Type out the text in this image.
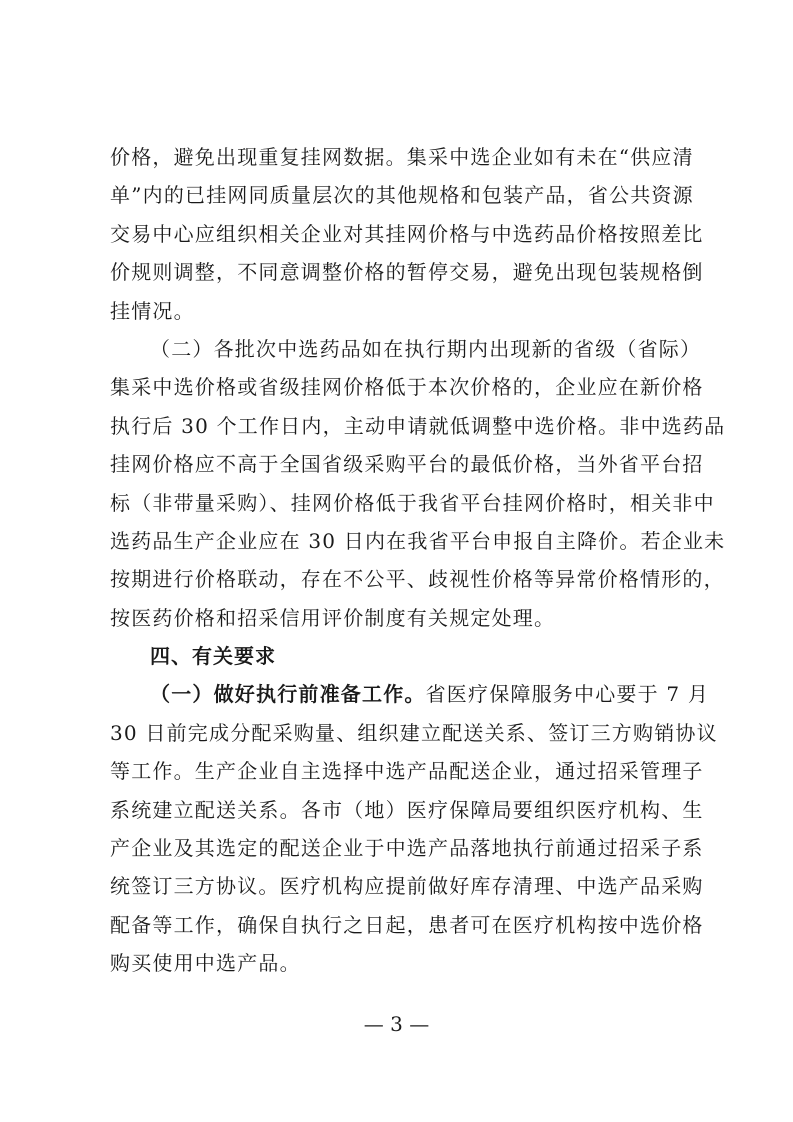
价格，避免出现重复挂网数据。集采中选企业如有未在“供应清
单”内的已挂网同质量层次的其他规格和包装产品，省公共资源
交易中心应组织相关企业对其挂网价格与中选药品价格按照差比
价规则调整，不同意调整价格的暂停交易，避免出现包装规格倒
挂情况。
（二）各批次中选药品如在执行期内出现新的省级（省际）
集采中选价格或省级挂网价格低于本次价格的，企业应在新价格
执行后 30 个工作日内，主动申请就低调整中选价格。非中选药品
挂网价格应不高于全国省级采购平台的最低价格，当外省平台招
标（非带量采购）、挂网价格低于我省平台挂网价格时，相关非中
选药品生产企业应在 30 日内在我省平台申报自主降价。若企业未
按期进行价格联动，存在不公平、歧视性价格等异常价格情形的，
按医药价格和招采信用评价制度有关规定处理。
四、有关要求
（一）做好执行前准备工作。省医疗保障服务中心要于 7 月
30 日前完成分配采购量、组织建立配送关系、签订三方购销协议
等工作。生产企业自主选择中选产品配送企业，通过招采管理子
系统建立配送关系。各市（地）医疗保障局要组织医疗机构、生
产企业及其选定的配送企业于中选产品落地执行前通过招采子系
统签订三方协议。医疗机构应提前做好库存清理、中选产品采购
配备等工作，确保自执行之日起，患者可在医疗机构按中选价格
购买使用中选产品。
— 3 —
